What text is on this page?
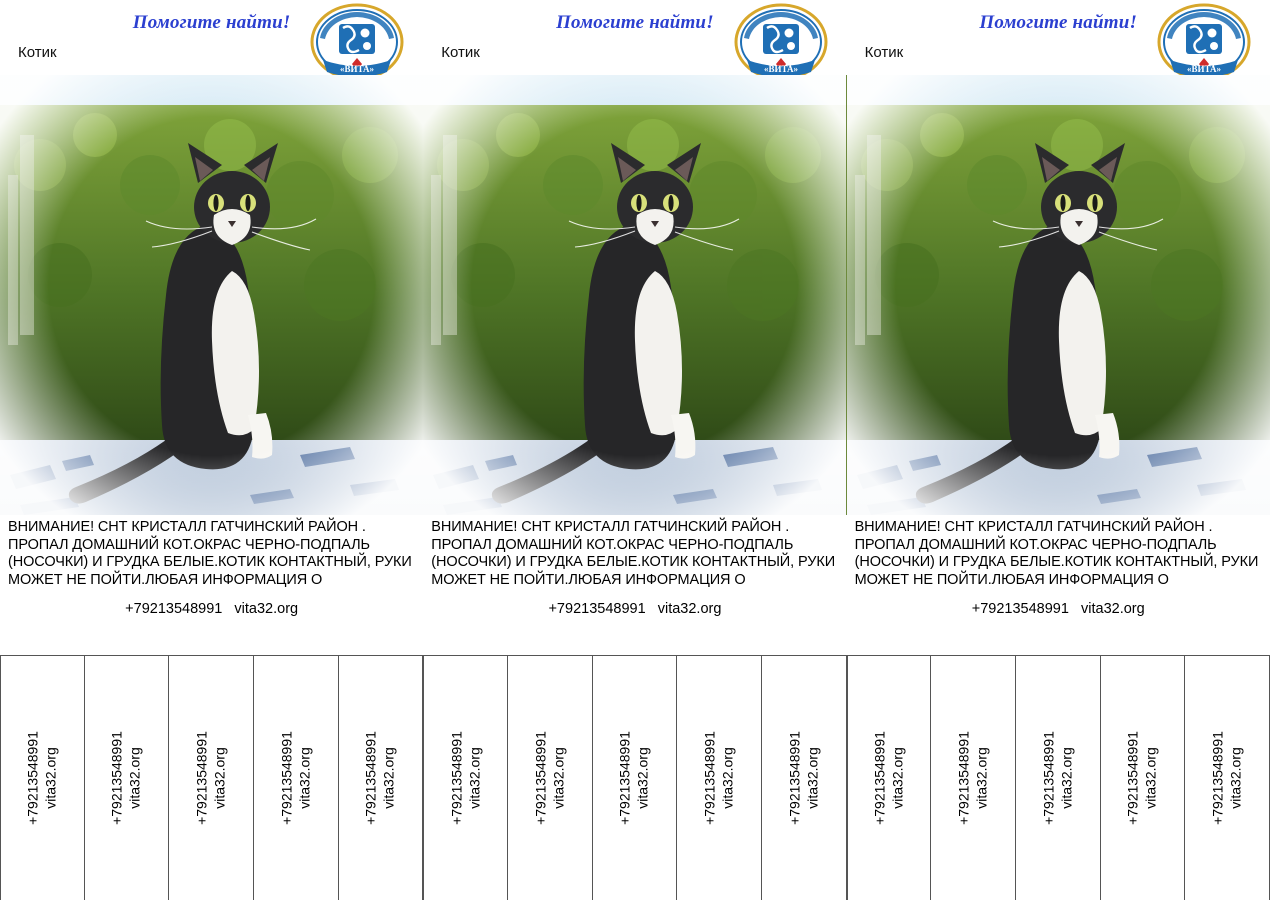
Помогите найти!
Котик
«ВИТА»
ВНИМАНИЕ! СНТ КРИСТАЛЛ ГАТЧИНСКИЙ РАЙОН . ПРОПАЛ ДОМАШНИЙ КОТ.ОКРАС ЧЕРНО-ПОДПАЛЬ (НОСОЧКИ) И ГРУДКА БЕЛЫЕ.КОТИК КОНТАКТНЫЙ, РУКИ МОЖЕТ НЕ ПОЙТИ.ЛЮБАЯ ИНФОРМАЦИЯ О
+79213548991   vita32.org
+79213548991 vita32.org	+79213548991 vita32.org	+79213548991 vita32.org	+79213548991 vita32.org	+79213548991 vita32.org
Помогите найти!
Котик
«ВИТА»
ВНИМАНИЕ! СНТ КРИСТАЛЛ ГАТЧИНСКИЙ РАЙОН . ПРОПАЛ ДОМАШНИЙ КОТ.ОКРАС ЧЕРНО-ПОДПАЛЬ (НОСОЧКИ) И ГРУДКА БЕЛЫЕ.КОТИК КОНТАКТНЫЙ, РУКИ МОЖЕТ НЕ ПОЙТИ.ЛЮБАЯ ИНФОРМАЦИЯ О
+79213548991   vita32.org
+79213548991 vita32.org	+79213548991 vita32.org	+79213548991 vita32.org	+79213548991 vita32.org	+79213548991 vita32.org
Помогите найти!
Котик
«ВИТА»
ВНИМАНИЕ! СНТ КРИСТАЛЛ ГАТЧИНСКИЙ РАЙОН . ПРОПАЛ ДОМАШНИЙ КОТ.ОКРАС ЧЕРНО-ПОДПАЛЬ (НОСОЧКИ) И ГРУДКА БЕЛЫЕ.КОТИК КОНТАКТНЫЙ, РУКИ МОЖЕТ НЕ ПОЙТИ.ЛЮБАЯ ИНФОРМАЦИЯ О
+79213548991   vita32.org
+79213548991 vita32.org	+79213548991 vita32.org	+79213548991 vita32.org	+79213548991 vita32.org	+79213548991 vita32.org
